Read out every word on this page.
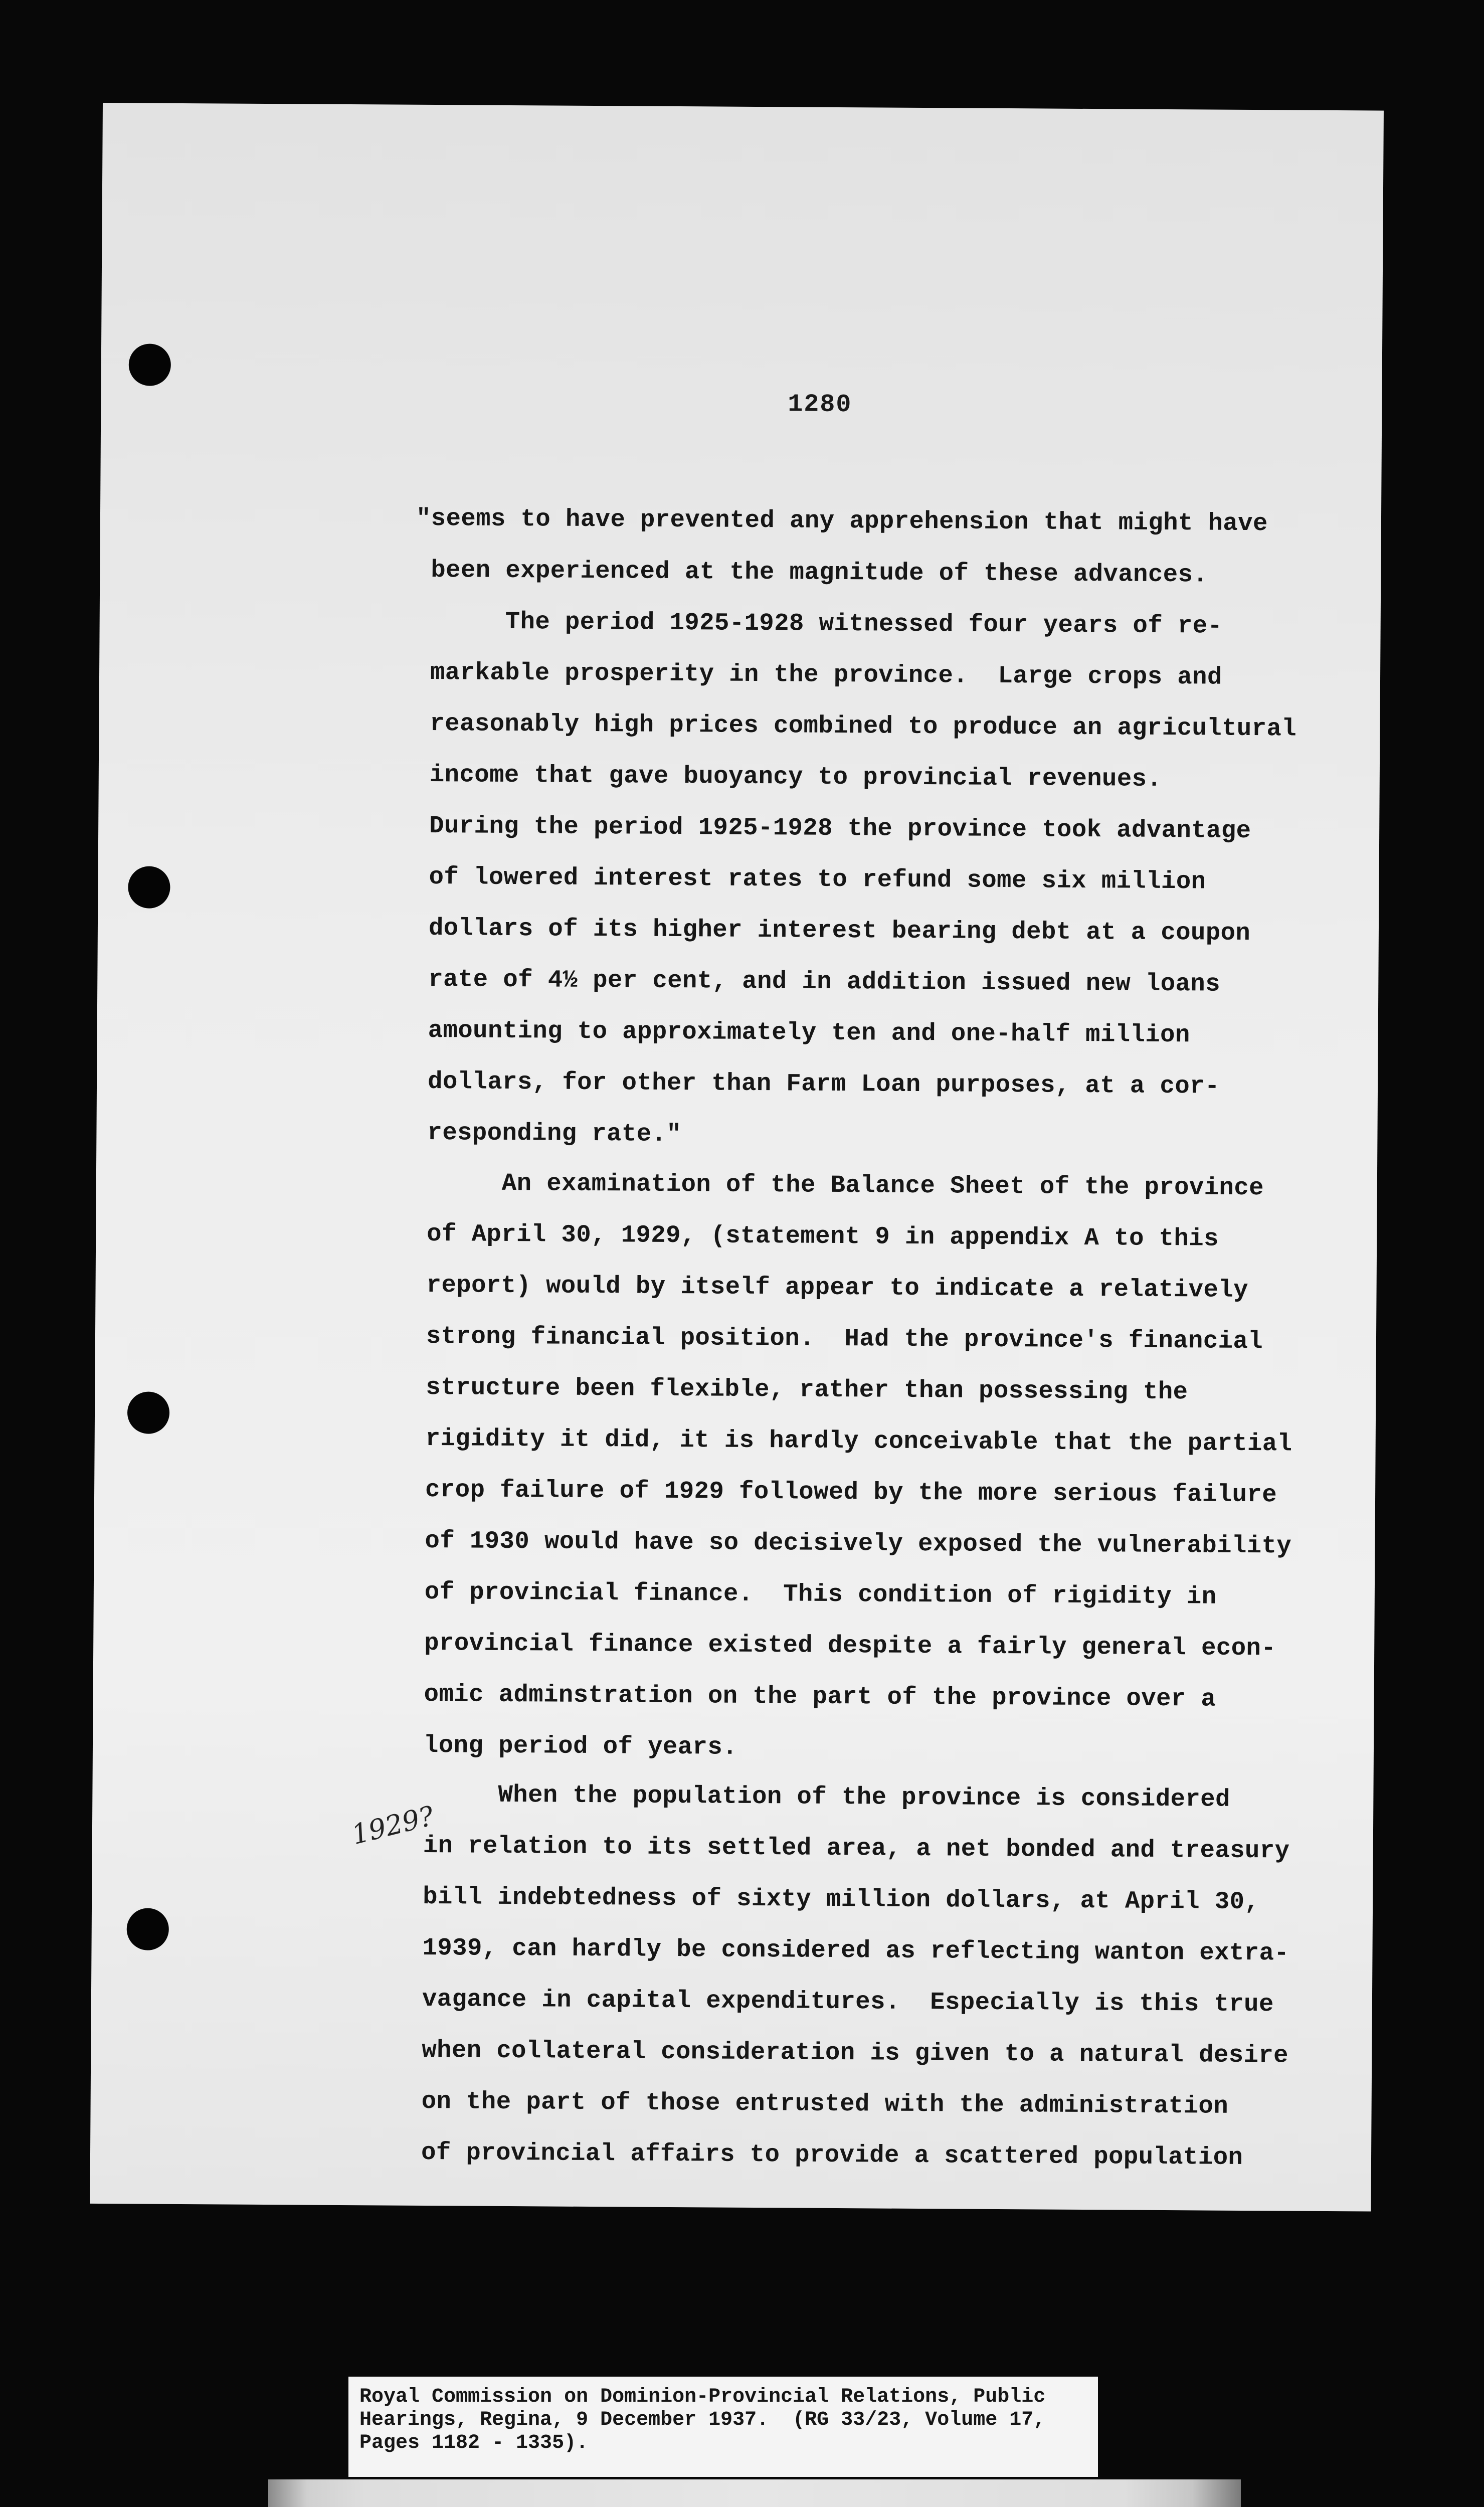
1280
"seems to have prevented any apprehension that might have
been experienced at the magnitude of these advances.
The period 1925-1928 witnessed four years of re-
markable prosperity in the province.  Large crops and
reasonably high prices combined to produce an agricultural
income that gave buoyancy to provincial revenues.
During the period 1925-1928 the province took advantage
of lowered interest rates to refund some six million
dollars of its higher interest bearing debt at a coupon
rate of 4½ per cent, and in addition issued new loans
amounting to approximately ten and one-half million
dollars, for other than Farm Loan purposes, at a cor-
responding rate."
An examination of the Balance Sheet of the province
of April 30, 1929, (statement 9 in appendix A to this
report) would by itself appear to indicate a relatively
strong financial position.  Had the province's financial
structure been flexible, rather than possessing the
rigidity it did, it is hardly conceivable that the partial
crop failure of 1929 followed by the more serious failure
of 1930 would have so decisively exposed the vulnerability
of provincial finance.  This condition of rigidity in
provincial finance existed despite a fairly general econ-
omic adminstration on the part of the province over a
long period of years.
When the population of the province is considered
in relation to its settled area, a net bonded and treasury
bill indebtedness of sixty million dollars, at April 30,
1939, can hardly be considered as reflecting wanton extra-
vagance in capital expenditures.  Especially is this true
when collateral consideration is given to a natural desire
on the part of those entrusted with the administration
of provincial affairs to provide a scattered population
1929?
Royal Commission on Dominion-Provincial Relations, Public
Hearings, Regina, 9 December 1937.  (RG 33/23, Volume 17,
Pages 1182 - 1335).
